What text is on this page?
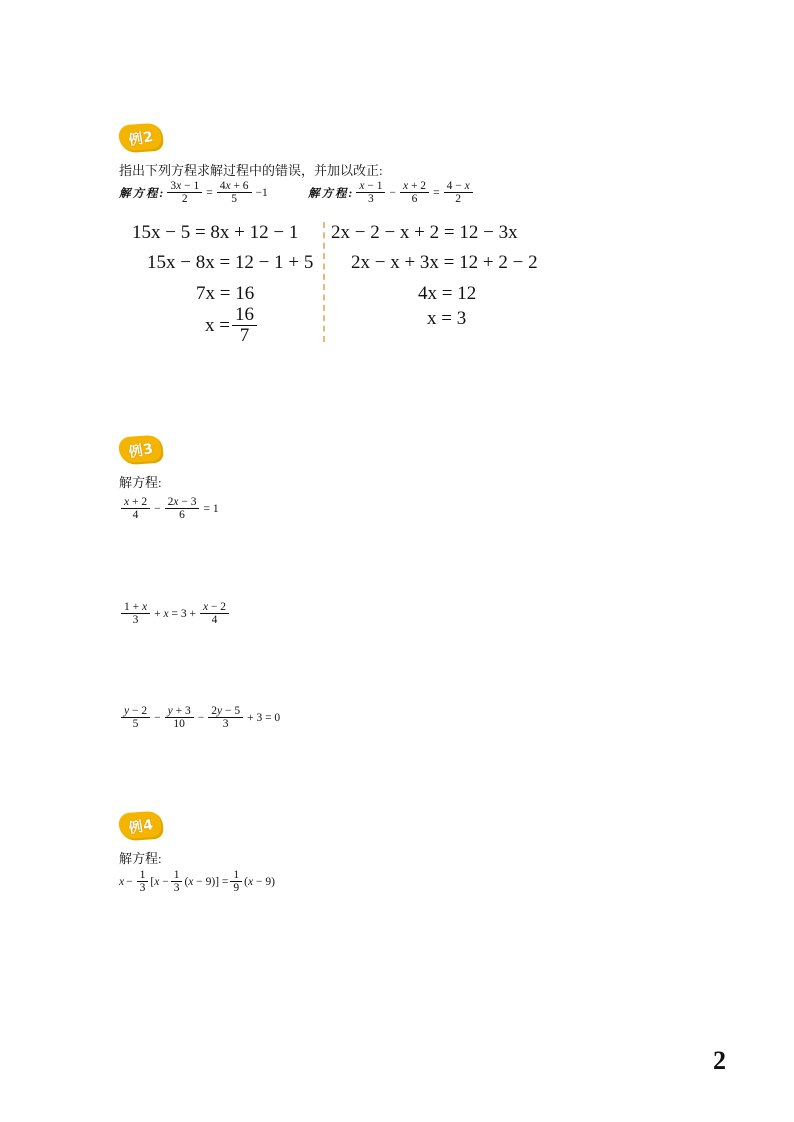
例2
指出下列方程求解过程中的错误，并加以改正:
解方程: $\frac{3x - 1}{2} = \frac{4x + 6}{5} -1$	解方程: $\frac{x - 1}{3} - \frac{x + 2}{6} = \frac{4 - x}{2}$
15x − 5 = 8x + 12 − 1
15x − 8x = 12 − 1 + 5
7x = 16
$x = \frac{16}{7}$
2x − 2 − x + 2 = 12 − 3x
2x − x + 3x = 12 + 2 − 2
4x = 12
x = 3
例3
解方程:
$\frac{x + 2}{4} - \frac{2x - 3}{6} = 1$
$\frac{1 + x}{3} + x = 3 + \frac{x - 2}{4}$
$\frac{y - 2}{5} - \frac{y + 3}{10} - \frac{2y - 5}{3} + 3 = 0$
例4
解方程:
$x - \frac{1}{3} [x - \frac{1}{3} (x - 9)] = \frac{1}{9} (x - 9)$
2
